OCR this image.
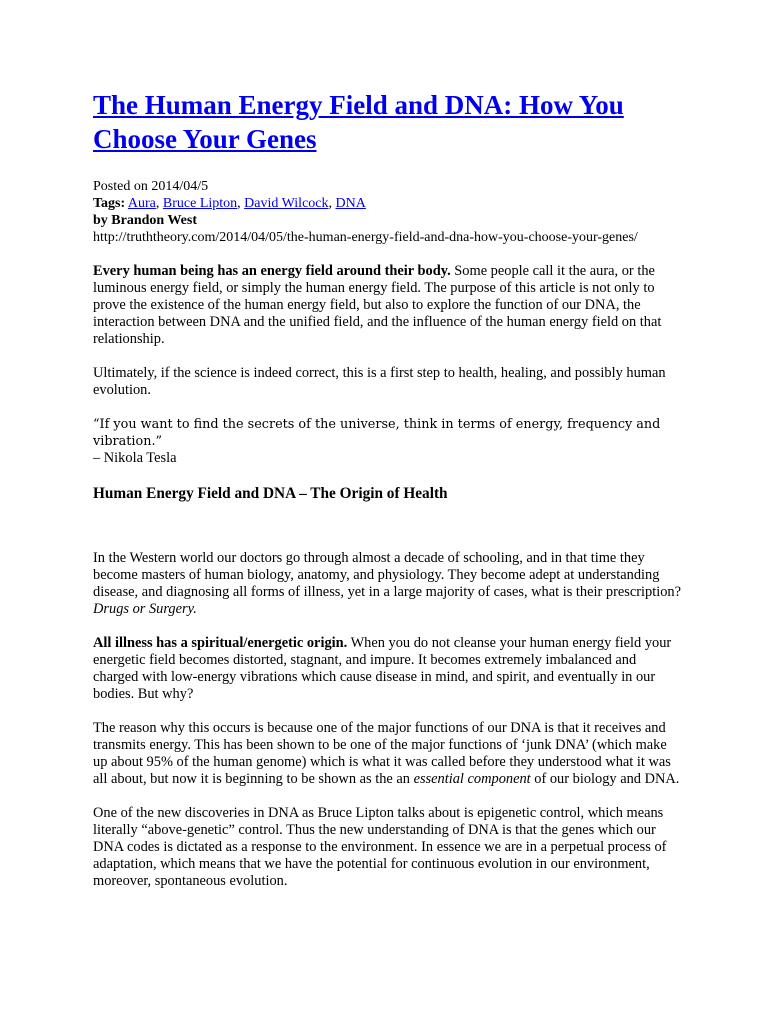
The Human Energy Field and DNA: How You Choose Your Genes
Posted on 2014/04/5
Tags: Aura, Bruce Lipton, David Wilcock, DNA
by Brandon West
http://truththeory.com/2014/04/05/the-human-energy-field-and-dna-how-you-choose-your-genes/

Every human being has an energy field around their body. Some people call it the aura, or the luminous energy field, or simply the human energy field. The purpose of this article is not only to prove the existence of the human energy field, but also to explore the function of our DNA, the interaction between DNA and the unified field, and the influence of the human energy field on that relationship.

Ultimately, if the science is indeed correct, this is a first step to health, healing, and possibly human evolution.

“If you want to find the secrets of the universe, think in terms of energy, frequency and vibration.”

– Nikola Tesla

Human Energy Field and DNA – The Origin of Health

In the Western world our doctors go through almost a decade of schooling, and in that time they become masters of human biology, anatomy, and physiology. They become adept at understanding disease, and diagnosing all forms of illness, yet in a large majority of cases, what is their prescription? Drugs or Surgery.

All illness has a spiritual/energetic origin. When you do not cleanse your human energy field your energetic field becomes distorted, stagnant, and impure. It becomes extremely imbalanced and charged with low-energy vibrations which cause disease in mind, and spirit, and eventually in our bodies. But why?

The reason why this occurs is because one of the major functions of our DNA is that it receives and transmits energy. This has been shown to be one of the major functions of ‘junk DNA’ (which make up about 95% of the human genome) which is what it was called before they understood what it was all about, but now it is beginning to be shown as the an essential component of our biology and DNA.

One of the new discoveries in DNA as Bruce Lipton talks about is epigenetic control, which means literally “above-genetic” control. Thus the new understanding of DNA is that the genes which our DNA codes is dictated as a response to the environment. In essence we are in a perpetual process of adaptation, which means that we have the potential for continuous evolution in our environment, moreover, spontaneous evolution.
